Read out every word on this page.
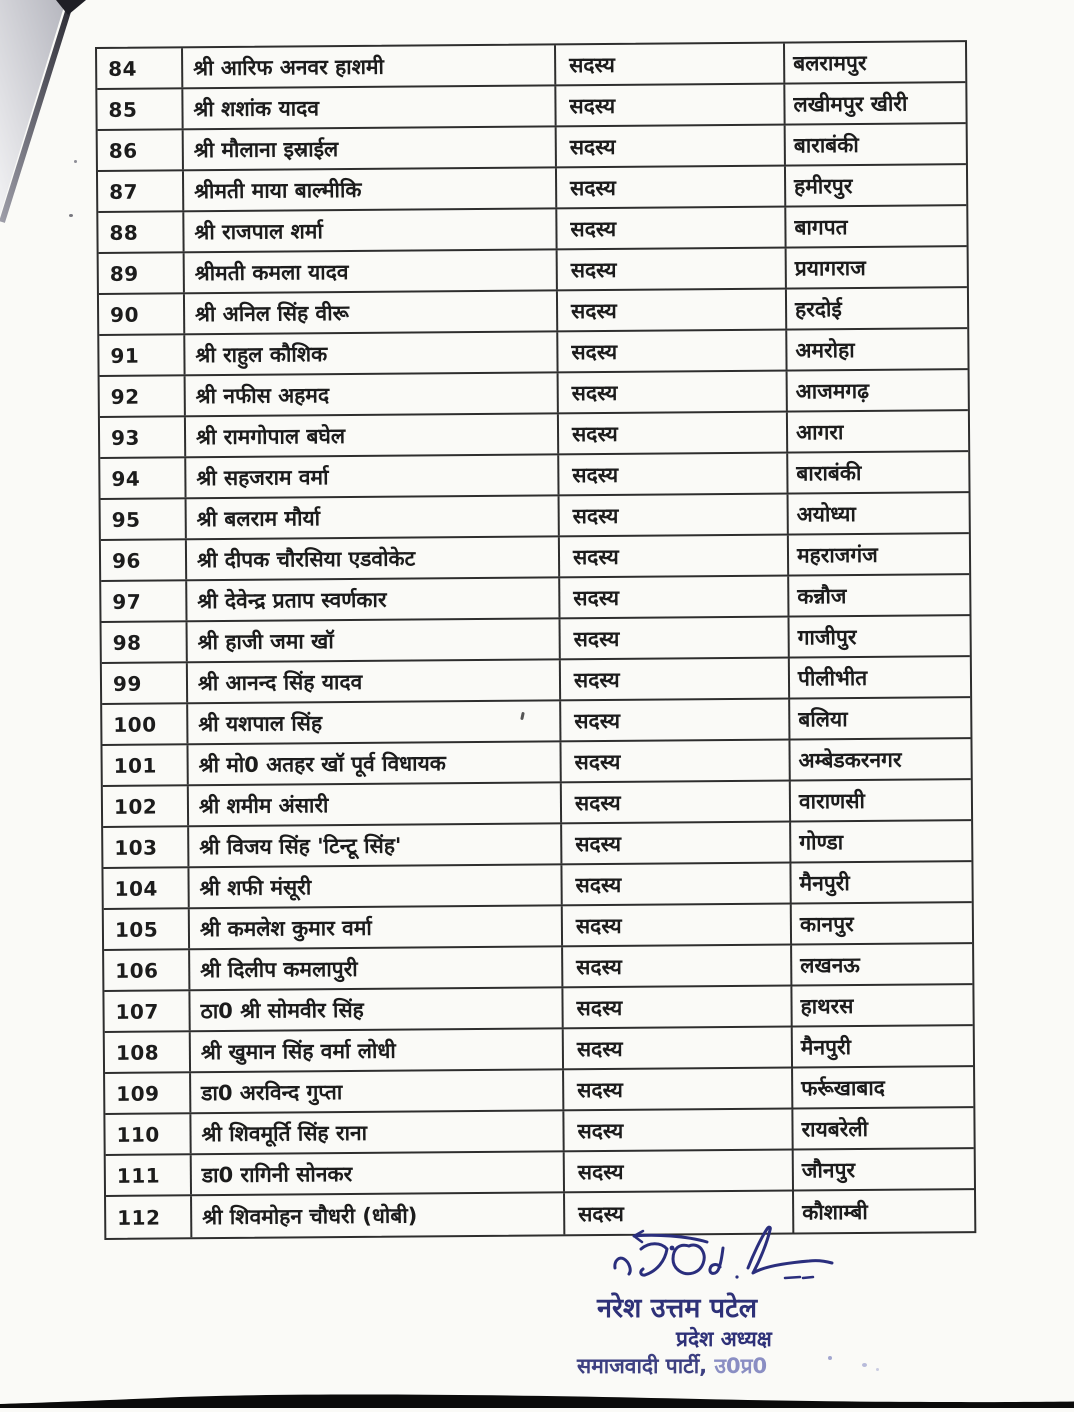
84	श्री आरिफ अनवर हाशमी	सदस्य	बलरामपुर
85	श्री शशांक यादव	सदस्य	लखीमपुर खीरी
86	श्री मौलाना इस्राईल	सदस्य	बाराबंकी
87	श्रीमती माया बाल्मीकि	सदस्य	हमीरपुर
88	श्री राजपाल शर्मा	सदस्य	बागपत
89	श्रीमती कमला यादव	सदस्य	प्रयागराज
90	श्री अनिल सिंह वीरू	सदस्य	हरदोई
91	श्री राहुल कौशिक	सदस्य	अमरोहा
92	श्री नफीस अहमद	सदस्य	आजमगढ़
93	श्री रामगोपाल बघेल	सदस्य	आगरा
94	श्री सहजराम वर्मा	सदस्य	बाराबंकी
95	श्री बलराम मौर्या	सदस्य	अयोध्या
96	श्री दीपक चौरसिया एडवोकेट	सदस्य	महराजगंज
97	श्री देवेन्द्र प्रताप स्वर्णकार	सदस्य	कन्नौज
98	श्री हाजी जमा खॉ	सदस्य	गाजीपुर
99	श्री आनन्द सिंह यादव	सदस्य	पीलीभीत
100 श्री यशपाल सिंह	सदस्य	बलिया
101 श्री मो0 अतहर खॉ पूर्व विधायक	सदस्य	अम्बेडकरनगर
102 श्री शमीम अंसारी	सदस्य	वाराणसी
103 श्री विजय सिंह 'टिन्टू सिंह'	सदस्य	गोण्डा
104 श्री शफी मंसूरी	सदस्य	मैनपुरी
105 श्री कमलेश कुमार वर्मा	सदस्य	कानपुर
106 श्री दिलीप कमलापुरी	सदस्य	लखनऊ
107 ठा0 श्री सोमवीर सिंह	सदस्य	हाथरस
108 श्री खुमान सिंह वर्मा लोधी	सदस्य	मैनपुरी
109 डा0 अरविन्द गुप्ता	सदस्य	फर्रूखाबाद
110 श्री शिवमूर्ति सिंह राना	सदस्य	रायबरेली
111 डा0 रागिनी सोनकर	सदस्य	जौनपुर
112 श्री शिवमोहन चौधरी (धोबी)	सदस्य	कौशाम्बी
नरेश उत्तम पटेल
प्रदेश अध्यक्ष
समाजवादी पार्टी, उ0प्र0
